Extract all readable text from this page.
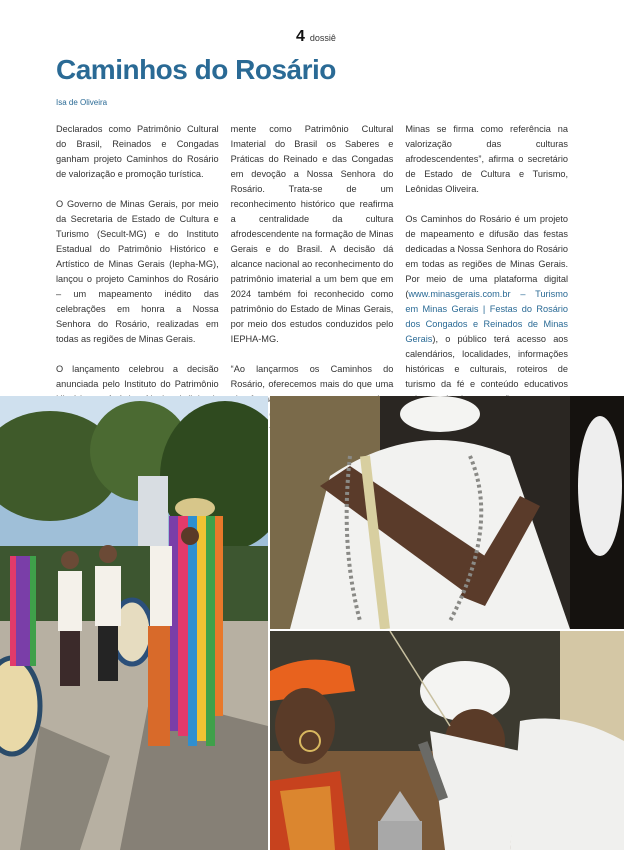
4 dossiê
Caminhos do Rosário
Isa de Oliveira

Declarados como Patrimônio Cultural do Brasil, Reinados e Congadas ganham projeto Caminhos do Rosário de valorização e promoção turística.

O Governo de Minas Gerais, por meio da Secretaria de Estado de Cultura e Turismo (Secult-MG) e do Instituto Estadual do Patrimônio Histórico e Artístico de Minas Gerais (Iepha-MG), lançou o projeto Caminhos do Rosário – um mapeamento inédito das celebrações em honra a Nossa Senhora do Rosário, realizadas em todas as regiões de Minas Gerais.

O lançamento celebrou a decisão anunciada pelo Instituto do Patrimônio

mente como Patrimônio Cultural Imaterial do Brasil os Saberes e Práticas do Reinado e das Congadas em devoção a Nossa Senhora do Rosário. Trata-se de um reconhecimento histórico que reafirma a centralidade da cultura afrodescendente na formação de Minas Gerais e do Brasil. A decisão dá alcance nacional ao reconhecimento do patrimônio imaterial a um bem que em 2024 também foi reconhecido como patrimônio do Estado de Minas Gerais, por meio dos estudos conduzidos pelo IEPHA-MG.

“Ao lançarmos os Caminhos do Rosário, oferecemos mais do que uma

Minas se firma como referência na valorização das culturas afrodescendentes”, afirma o secretário de Estado de Cultura e Turismo, Leônidas Oliveira.

Os Caminhos do Rosário é um projeto de mapeamento e difusão das festas dedicadas a Nossa Senhora do Rosário em todas as regiões de Minas Gerais. Por meio de uma plataforma digital (www.minasgerais.com.br – Turismo em Minas Gerais | Festas do Rosário dos Congados e Reinados de Minas Gerais), o público terá acesso aos calendários, localidades, informações históricas e culturais, roteiros de turismo da fé e conteúdo educativos
